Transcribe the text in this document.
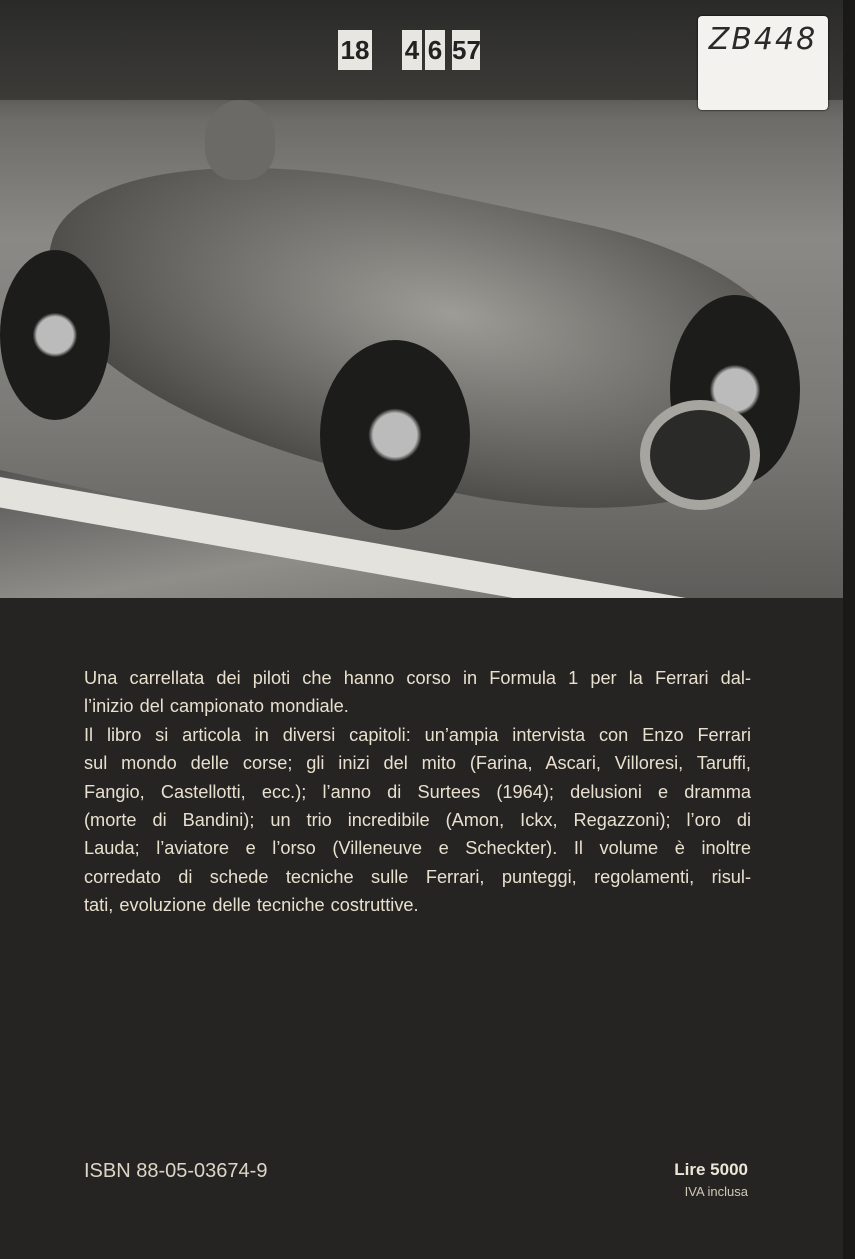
18 4 6 57	ZB448
Una carrellata dei piloti che hanno corso in Formula 1 per la Ferrari dal-
l’inizio del campionato mondiale.
Il libro si articola in diversi capitoli: un’ampia intervista con Enzo Ferrari
sul mondo delle corse; gli inizi del mito (Farina, Ascari, Villoresi, Taruffi,
Fangio, Castellotti, ecc.); l’anno di Surtees (1964); delusioni e dramma
(morte di Bandini); un trio incredibile (Amon, Ickx, Regazzoni); l’oro di
Lauda; l’aviatore e l’orso (Villeneuve e Scheckter). Il volume è inoltre
corredato di schede tecniche sulle Ferrari, punteggi, regolamenti, risul-
tati, evoluzione delle tecniche costruttive.
ISBN 88-05-03674-9	Lire 5000
IVA inclusa
